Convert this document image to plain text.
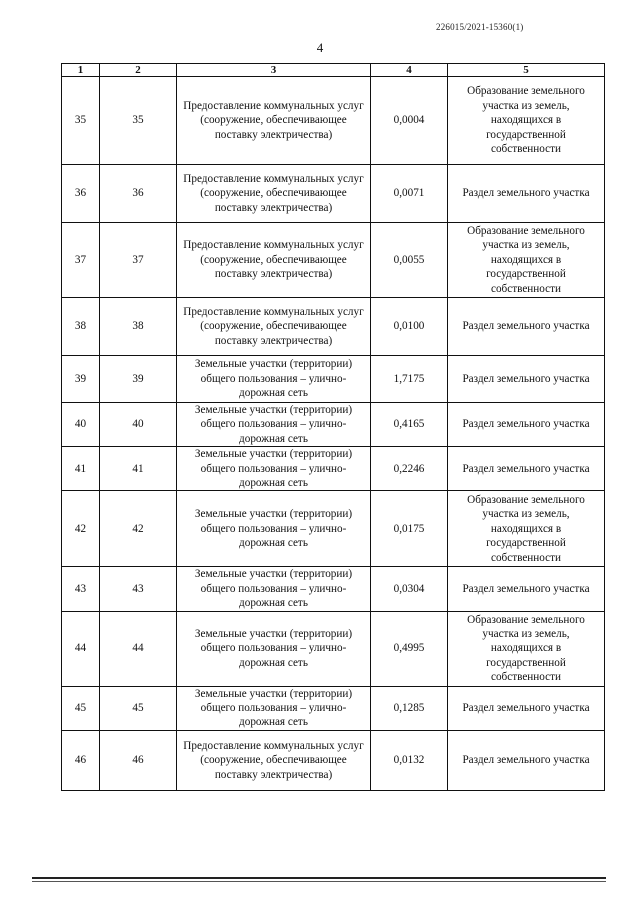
226015/2021-15360(1)
4
1	2	3	4	5
35	35	Предоставление коммунальных услуг (сооружение, обеспечивающее поставку электричества)	0,0004	Образование земельного участка из земель, находящихся в государственной собственности
36	36	Предоставление коммунальных услуг (сооружение, обеспечивающее поставку электричества)	0,0071	Раздел земельного участка
37	37	Предоставление коммунальных услуг (сооружение, обеспечивающее поставку электричества)	0,0055	Образование земельного участка из земель, находящихся в государственной собственности
38	38	Предоставление коммунальных услуг (сооружение, обеспечивающее поставку электричества)	0,0100	Раздел земельного участка
39	39	Земельные участки (территории) общего пользования – улично-дорожная сеть	1,7175	Раздел земельного участка
40	40	Земельные участки (территории) общего пользования – улично-дорожная сеть	0,4165	Раздел земельного участка
41	41	Земельные участки (территории) общего пользования – улично-дорожная сеть	0,2246	Раздел земельного участка
42	42	Земельные участки (территории) общего пользования – улично-дорожная сеть	0,0175	Образование земельного участка из земель, находящихся в государственной собственности
43	43	Земельные участки (территории) общего пользования – улично-дорожная сеть	0,0304	Раздел земельного участка
44	44	Земельные участки (территории) общего пользования – улично-дорожная сеть	0,4995	Образование земельного участка из земель, находящихся в государственной собственности
45	45	Земельные участки (территории) общего пользования – улично-дорожная сеть	0,1285	Раздел земельного участка
46	46	Предоставление коммунальных услуг (сооружение, обеспечивающее поставку электричества)	0,0132	Раздел земельного участка
